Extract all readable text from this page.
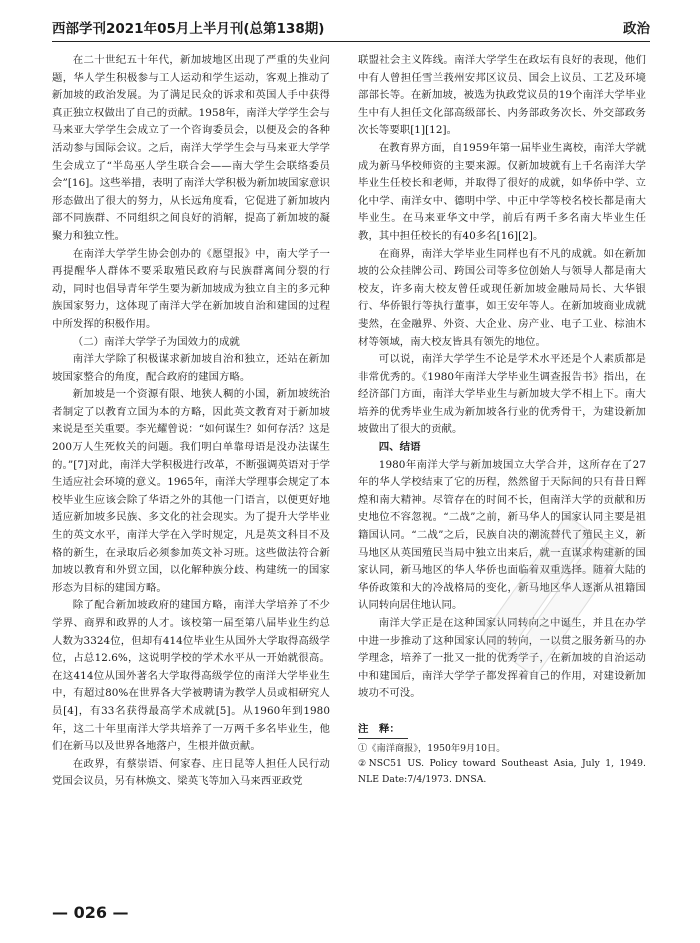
西部学刊2021年05月上半月刊(总第138期)	政治

在二十世纪五十年代，新加坡地区出现了严重的失业问题，华人学生积极参与工人运动和学生运动，客观上推动了新加坡的政治发展。为了满足民众的诉求和英国人手中获得真正独立权做出了自己的贡献。1958年，南洋大学学生会与马来亚大学学生会成立了一个咨询委员会，以便及会的各种活动参与国际会议。之后，南洋大学学生会与马来亚大学学生会成立了“半岛巫人学生联合会——南大学生会联络委员会”[16]。这些举措，表明了南洋大学积极为新加坡国家意识形态做出了很大的努力，从长远角度看，它促进了新加坡内部不同族群、不同组织之间良好的消解，提高了新加坡的凝聚力和独立性。

在南洋大学学生协会创办的《愿望报》中，南大学子一再提醒华人群体不要采取殖民政府与民族群离间分裂的行动，同时也倡导青年学生要为新加坡成为独立自主的多元种族国家努力，这体现了南洋大学在新加坡自治和建国的过程中所发挥的积极作用。

（二）南洋大学学子为国效力的成就

南洋大学除了积极谋求新加坡自治和独立，还站在新加坡国家整合的角度，配合政府的建国方略。

新加坡是一个资源有限、地狭人稠的小国，新加坡统治者制定了以教育立国为本的方略，因此英文教育对于新加坡来说是至关重要。李光耀曾说：“如何谋生？如何存活？这是200万人生死攸关的问题。我们明白单靠母语是没办法谋生的。”[7]对此，南洋大学积极进行改革，不断强调英语对于学生适应社会环境的意义。1965年，南洋大学理事会规定了本校毕业生应该会除了华语之外的其他一门语言，以便更好地适应新加坡多民族、多文化的社会现实。为了提升大学毕业生的英文水平，南洋大学在入学时规定，凡是英文科目不及格的新生，在录取后必须参加英文补习班。这些做法符合新加坡以教育和外贸立国，以化解种族分歧、构建统一的国家形态为目标的建国方略。

除了配合新加坡政府的建国方略，南洋大学培养了不少学界、商界和政界的人才。该校第一届至第八届毕业生约总人数为3324位，但却有414位毕业生从国外大学取得高级学位，占总12.6%，这说明学校的学术水平从一开始就很高。在这414位从国外著名大学取得高级学位的南洋大学毕业生中，有超过80%在世界各大学被聘请为教学人员或相研究人员[4]，有33名获得最高学术成就[5]。从1960年到1980年，这二十年里南洋大学共培养了一万两千多名毕业生，他们在新马以及世界各地落户，生根并做贡献。

在政界，有蔡崇语、何家春、庄日昆等人担任人民行动党国会议员，另有林焕文、梁英飞等加入马来西亚政党

联盟社会主义阵线。南洋大学学生在政坛有良好的表现，他们中有人曾担任雪兰莪州安邦区议员、国会上议员、工艺及环境部部长等。在新加坡，被选为执政党议员的19个南洋大学毕业生中有人担任文化部高级部长、内务部政务次长、外交部政务次长等要职[1][12]。

在教育界方面，自1959年第一届毕业生离校，南洋大学就成为新马华校师资的主要来源。仅新加坡就有上千名南洋大学毕业生任校长和老师，并取得了很好的成就，如华侨中学、立化中学、南洋女中、德明中学、中正中学等校名校长都是南大毕业生。在马来亚华文中学，前后有两千多名南大毕业生任教，其中担任校长的有40多名[16][2]。

在商界，南洋大学毕业生同样也有不凡的成就。如在新加坡的公众挂牌公司、跨国公司等多位创始人与领导人都是南大校友，许多南大校友曾任或现任新加坡金融局局长、大华银行、华侨银行等执行董事，如王安年等人。在新加坡商业成就斐然，在金融界、外资、大企业、房产业、电子工业、棕油木材等领域，南大校友皆具有领先的地位。

可以说，南洋大学学生不论是学术水平还是个人素质都是非常优秀的。《1980年南洋大学毕业生调查报告书》指出，在经济部门方面，南洋大学毕业生与新加坡大学不相上下。南大培养的优秀毕业生成为新加坡各行业的优秀骨干，为建设新加坡做出了很大的贡献。

四、结语

1980年南洋大学与新加坡国立大学合并，这所存在了27年的华人学校结束了它的历程，然然留于天际间的只有昔日辉煌和南大精神。尽管存在的时间不长，但南洋大学的贡献和历史地位不容忽视。“二战”之前，新马华人的国家认同主要是祖籍国认同。“二战”之后，民族自决的潮流替代了殖民主义，新马地区从英国殖民当局中独立出来后，就一直谋求构建新的国家认同，新马地区的华人华侨也面临着双重选择。随着大陆的华侨政策和大的冷战格局的变化，新马地区华人逐渐从祖籍国认同转向居住地认同。

南洋大学正是在这种国家认同转向之中诞生，并且在办学中进一步推动了这种国家认同的转向，一以贯之服务新马的办学理念，培养了一批又一批的优秀学子，在新加坡的自治运动中和建国后，南洋大学学子都发挥着自己的作用，对建设新加坡功不可没。

注　释：
①《南洋商报》，1950年9月10日。
②NSC51 US. Policy toward Southeast Asia, July 1, 1949. NLE Date:7/4/1973. DNSA.
— 026 —
